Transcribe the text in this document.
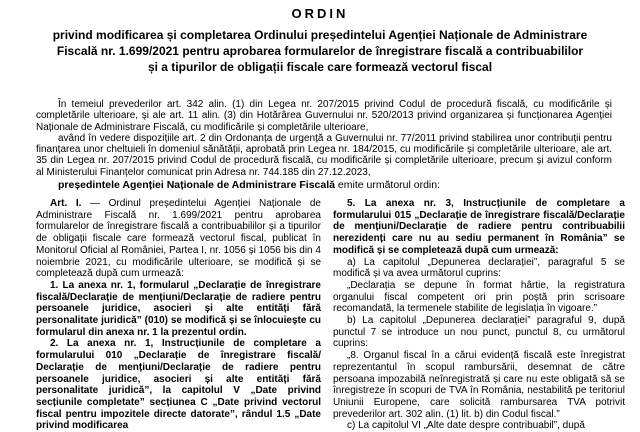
ORDIN
privind modificarea și completarea Ordinului președintelui Agenției Naționale de Administrare
Fiscală nr. 1.699/2021 pentru aprobarea formularelor de înregistrare fiscală a contribuabililor
și a tipurilor de obligații fiscale care formează vectorul fiscal

În temeiul prevederilor art. 342 alin. (1) din Legea nr. 207/2015 privind Codul de procedură fiscală, cu modificările și completările ulterioare, și ale art. 11 alin. (3) din Hotărârea Guvernului nr. 520/2013 privind organizarea și funcționarea Agenției Naționale de Administrare Fiscală, cu modificările și completările ulterioare,

având în vedere dispozițiile art. 2 din Ordonanța de urgență a Guvernului nr. 77/2011 privind stabilirea unor contribuții pentru finanțarea unor cheltuieli în domeniul sănătății, aprobată prin Legea nr. 184/2015, cu modificările și completările ulterioare, ale art. 35 din Legea nr. 207/2015 privind Codul de procedură fiscală, cu modificările și completările ulterioare, precum și avizul conform al Ministerului Finanțelor comunicat prin Adresa nr. 744.185 din 27.12.2023,

președintele Agenției Naționale de Administrare Fiscală emite următorul ordin:

Art. I. — Ordinul președintelui Agenției Naționale de Administrare Fiscală nr. 1.699/2021 pentru aprobarea formularelor de înregistrare fiscală a contribuabililor și a tipurilor de obligații fiscale care formează vectorul fiscal, publicat în Monitorul Oficial al României, Partea I, nr. 1056 și 1056 bis din 4 noiembrie 2021, cu modificările ulterioare, se modifică și se completează după cum urmează:

1. La anexa nr. 1, formularul „Declarație de înregistrare fiscală/Declarație de mențiuni/Declarație de radiere pentru persoanele juridice, asocieri și alte entități fără personalitate juridică” (010) se modifică și se înlocuiește cu formularul din anexa nr. 1 la prezentul ordin.

2. La anexa nr. 1, Instrucțiunile de completare a formularului 010 „Declarație de înregistrare fiscală/ Declarație de mențiuni/Declarație de radiere pentru persoanele juridice, asocieri și alte entități fără personalitate juridică”, la capitolul V „Date privind secțiunile completate” secțiunea C „Date privind vectorul fiscal pentru impozitele directe datorate”, rândul 1.5 „Date privind modificarea

5. La anexa nr. 3, Instrucțiunile de completare a formularului 015 „Declarație de înregistrare fiscală/Declarație de mențiuni/Declarație de radiere pentru contribuabilii nerezidenți care nu au sediu permanent în România” se modifică și se completează după cum urmează:

a) La capitolul „Depunerea declarației”, paragraful 5 se modifică și va avea următorul cuprins:

„Declarația se depune în format hârtie, la registratura organului fiscal competent ori prin poștă prin scrisoare recomandată, la termenele stabilite de legislația în vigoare.”

b) La capitolul „Depunerea declarației” paragraful 9, după punctul 7 se introduce un nou punct, punctul 8, cu următorul cuprins:

„8. Organul fiscal în a cărui evidență fiscală este înregistrat reprezentantul în scopul rambursării, desemnat de către persoana impozabilă neînregistrată și care nu este obligată să se înregistreze în scopuri de TVA în România, nestabilită pe teritoriul Uniunii Europene, care solicită rambursarea TVA potrivit prevederilor art. 302 alin. (1) lit. b) din Codul fiscal.”

c) La capitolul VI „Alte date despre contribuabil”, după
